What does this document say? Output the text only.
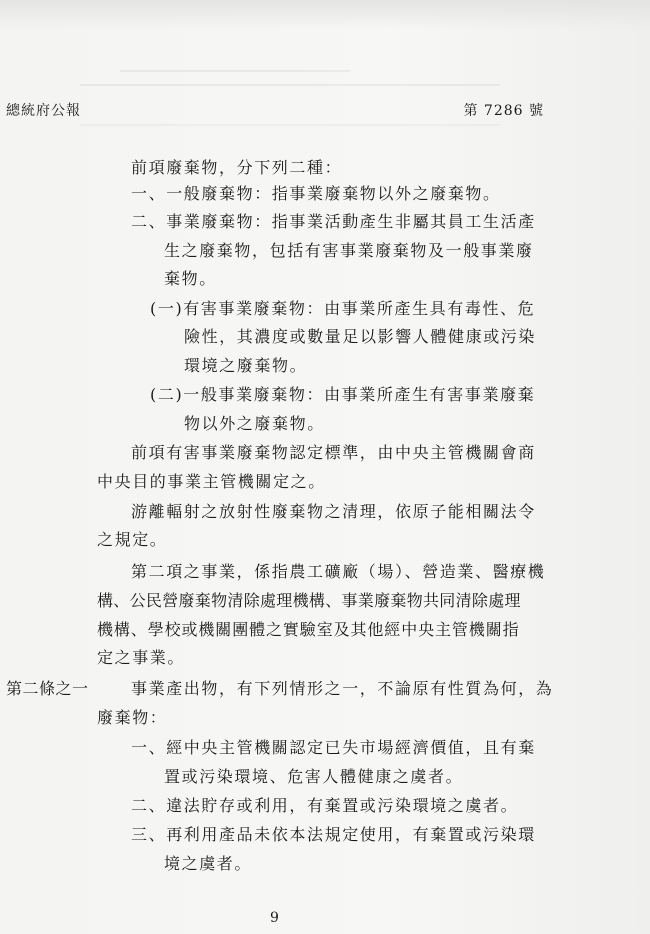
總統府公報	第 7286 號
前項廢棄物，分下列二種：
一、一般廢棄物：指事業廢棄物以外之廢棄物。
二、事業廢棄物：指事業活動產生非屬其員工生活產
生之廢棄物，包括有害事業廢棄物及一般事業廢
棄物。
(一)有害事業廢棄物：由事業所產生具有毒性、危
險性，其濃度或數量足以影響人體健康或污染
環境之廢棄物。
(二)一般事業廢棄物：由事業所產生有害事業廢棄
物以外之廢棄物。
前項有害事業廢棄物認定標準，由中央主管機關會商
中央目的事業主管機關定之。
游離輻射之放射性廢棄物之清理，依原子能相關法令
之規定。
第二項之事業，係指農工礦廠（場）、營造業、醫療機
構、公民營廢棄物清除處理機構、事業廢棄物共同清除處理
機構、學校或機關團體之實驗室及其他經中央主管機關指
定之事業。
第二條之一	事業產出物，有下列情形之一，不論原有性質為何，為
廢棄物：
一、經中央主管機關認定已失市場經濟價值，且有棄
置或污染環境、危害人體健康之虞者。
二、違法貯存或利用，有棄置或污染環境之虞者。
三、再利用產品未依本法規定使用，有棄置或污染環
境之虞者。
9
